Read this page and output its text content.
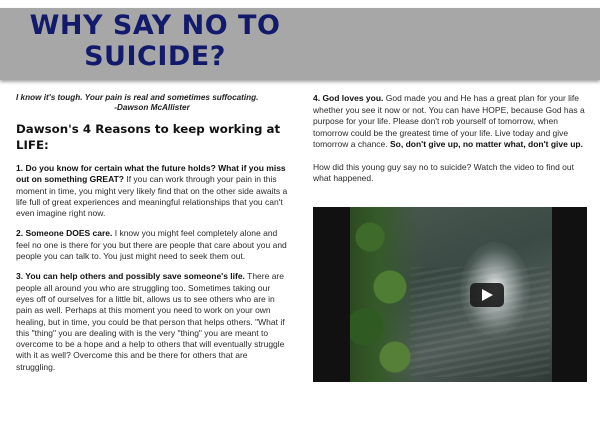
WHY SAY NO TO
SUICIDE?

I know it's tough. Your pain is real and sometimes suffocating.

-Dawson McAllister

Dawson's 4 Reasons to keep working at LIFE:

1. Do you know for certain what the future holds? What if you miss out on something GREAT? If you can work through your pain in this moment in time, you might very likely find that on the other side awaits a life full of great experiences and meaningful relationships that you can't even imagine right now.

2. Someone DOES care. I know you might feel completely alone and feel no one is there for you but there are people that care about you and people you can talk to. You just might need to seek them out.

3. You can help others and possibly save someone's life. There are people all around you who are struggling too. Sometimes taking our eyes off of ourselves for a little bit, allows us to see others who are in pain as well. Perhaps at this moment you need to work on your own healing, but in time, you could be that person that helps others. "What if this "thing" you are dealing with is the very "thing" you are meant to overcome to be a hope and a help to others that will eventually struggle with it as well? Overcome this and be there for others that are struggling.

4. God loves you. God made you and He has a great plan for your life whether you see it now or not. You can have HOPE, because God has a purpose for your life. Please don't rob yourself of tomorrow, when tomorrow could be the greatest time of your life. Live today and give tomorrow a chance. So, don't give up, no matter what, don't give up.

How did this young guy say no to suicide? Watch the video to find out what happened.
